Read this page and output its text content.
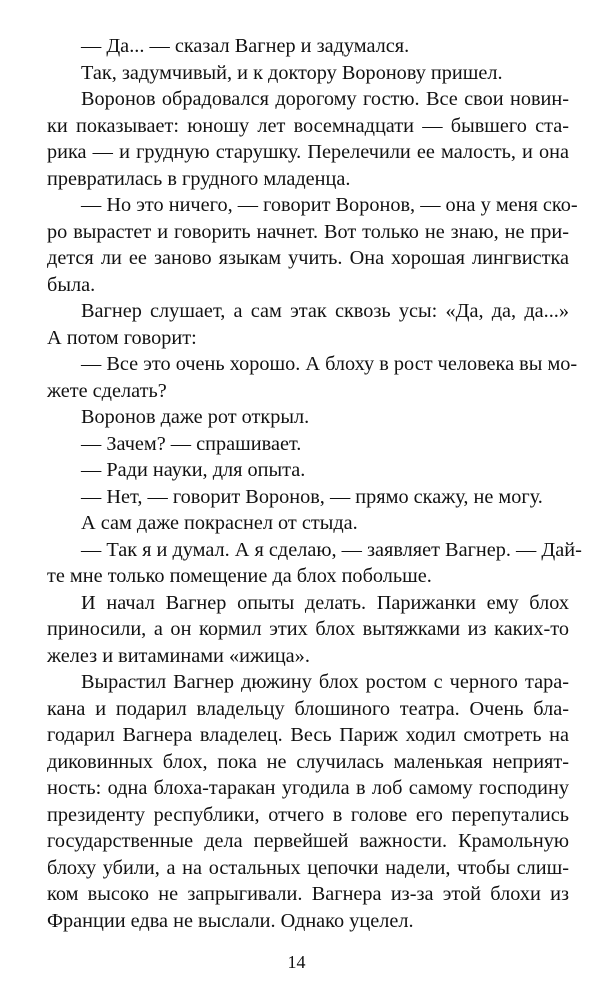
— Да... — сказал Вагнер и задумался.
Так, задумчивый, и к доктору Воронову пришел.
Воронов обрадовался дорогому гостю. Все свои новин-
ки показывает: юношу лет восемнадцати — бывшего ста-
рика — и грудную старушку. Перелечили ее малость, и она
превратилась в грудного младенца.
— Но это ничего, — говорит Воронов, — она у меня ско-
ро вырастет и говорить начнет. Вот только не знаю, не при-
дется ли ее заново языкам учить. Она хорошая лингвистка
была.
Вагнер слушает, а сам этак сквозь усы: «Да, да, да...»
А потом говорит:
— Все это очень хорошо. А блоху в рост человека вы мо-
жете сделать?
Воронов даже рот открыл.
— Зачем? — спрашивает.
— Ради науки, для опыта.
— Нет, — говорит Воронов, — прямо скажу, не могу.
А сам даже покраснел от стыда.
— Так я и думал. А я сделаю, — заявляет Вагнер. — Дай-
те мне только помещение да блох побольше.
И начал Вагнер опыты делать. Парижанки ему блох
приносили, а он кормил этих блох вытяжками из каких-то
желез и витаминами «ижица».
Вырастил Вагнер дюжину блох ростом с черного тара-
кана и подарил владельцу блошиного театра. Очень бла-
годарил Вагнера владелец. Весь Париж ходил смотреть на
диковинных блох, пока не случилась маленькая неприят-
ность: одна блоха-таракан угодила в лоб самому господину
президенту республики, отчего в голове его перепутались
государственные дела первейшей важности. Крамольную
блоху убили, а на остальных цепочки надели, чтобы слиш-
ком высоко не запрыгивали. Вагнера из-за этой блохи из
Франции едва не выслали. Однако уцелел.
14
